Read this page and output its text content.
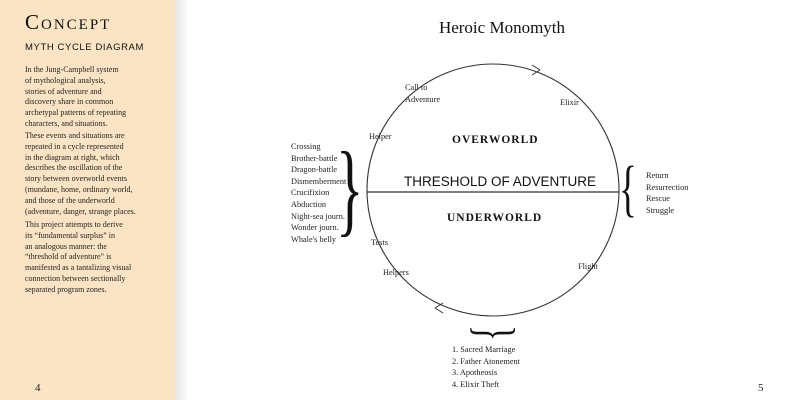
Concept
MYTH CYCLE DIAGRAM
In the Jung-Campbell system
of mythological analysis,
stories of adventure and
discovery share in common
archetypal patterns of repeating
characters, and situations.
These events and situations are
repeated in a cycle represented
in the diagram at right, which
describes the oscillation of the
story between overworld events
(mundane, home, ordinary world,
and those of the underworld
(adventure, danger, strange places.
This project attempts to derive
its “fundamental surplus” in
an analogous manner: the
“threshold of adventure” is
manifested as a tantalizing visual
connection between sectionally
separated program zones.
4
Heroic Monomyth
OVERWORLD
THRESHOLD OF ADVENTURE
UNDERWORLD
Call to
Adventure	Elixir
Helper
Tests
Helpers
Flight
Crossing
Brother-battle
Dragon-battle
Dismemberment
Crucifixion
Abduction
Night-sea journ.
Wonder journ.
Whale's belly }	{ Return
Resurrection
Rescue
Struggle
{
1. Sacred Marriage
2. Father Atonement
3. Apotheosis
4. Elixir Theft	5
